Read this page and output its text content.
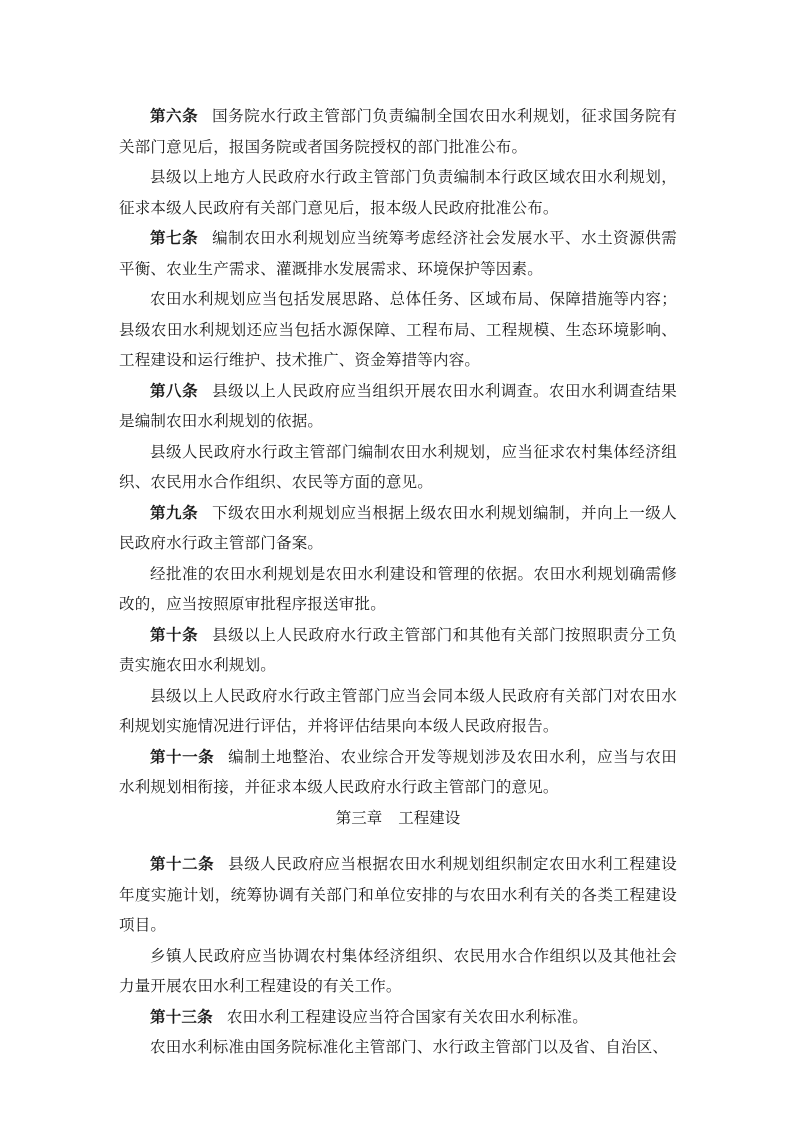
第六条 国务院水行政主管部门负责编制全国农田水利规划，征求国务院有关部门意见后，报国务院或者国务院授权的部门批准公布。

县级以上地方人民政府水行政主管部门负责编制本行政区域农田水利规划，征求本级人民政府有关部门意见后，报本级人民政府批准公布。

第七条 编制农田水利规划应当统筹考虑经济社会发展水平、水土资源供需平衡、农业生产需求、灌溉排水发展需求、环境保护等因素。

农田水利规划应当包括发展思路、总体任务、区域布局、保障措施等内容；县级农田水利规划还应当包括水源保障、工程布局、工程规模、生态环境影响、工程建设和运行维护、技术推广、资金筹措等内容。

第八条 县级以上人民政府应当组织开展农田水利调查。农田水利调查结果是编制农田水利规划的依据。

县级人民政府水行政主管部门编制农田水利规划，应当征求农村集体经济组织、农民用水合作组织、农民等方面的意见。

第九条 下级农田水利规划应当根据上级农田水利规划编制，并向上一级人民政府水行政主管部门备案。

经批准的农田水利规划是农田水利建设和管理的依据。农田水利规划确需修改的，应当按照原审批程序报送审批。

第十条 县级以上人民政府水行政主管部门和其他有关部门按照职责分工负责实施农田水利规划。

县级以上人民政府水行政主管部门应当会同本级人民政府有关部门对农田水利规划实施情况进行评估，并将评估结果向本级人民政府报告。

第十一条 编制土地整治、农业综合开发等规划涉及农田水利，应当与农田水利规划相衔接，并征求本级人民政府水行政主管部门的意见。

第三章 工程建设

第十二条 县级人民政府应当根据农田水利规划组织制定农田水利工程建设年度实施计划，统筹协调有关部门和单位安排的与农田水利有关的各类工程建设项目。

乡镇人民政府应当协调农村集体经济组织、农民用水合作组织以及其他社会力量开展农田水利工程建设的有关工作。

第十三条 农田水利工程建设应当符合国家有关农田水利标准。

农田水利标准由国务院标准化主管部门、水行政主管部门以及省、自治区、
